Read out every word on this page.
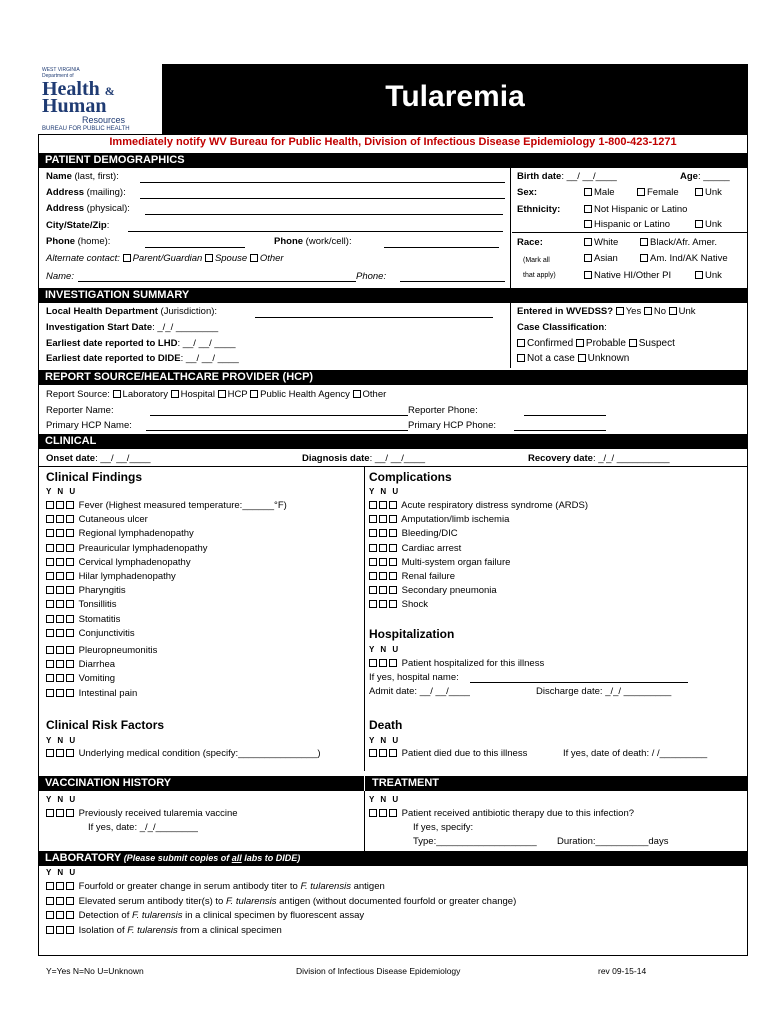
WEST VIRGINIA
Department of
Health &
Human
Resources
BUREAU FOR PUBLIC HEALTH
Tularemia
Immediately notify WV Bureau for Public Health, Division of Infectious Disease Epidemiology 1-800-423-1271
PATIENT DEMOGRAPHICS
Name (last, first):
Address (mailing):
Address (physical):
City/State/Zip:
Phone (home):	Phone (work/cell):
Alternate contact: Parent/Guardian Spouse Other
Name:	Phone:
Birth date: __/ __/____	Age: _____
Sex:	Male	Female	Unk
Ethnicity:	Not Hispanic or Latino
Hispanic or Latino	Unk
Race:
(Mark all
that apply)
White	Black/Afr. Amer.
Asian	Am. Ind/AK Native
Native HI/Other PI	Unk
INVESTIGATION SUMMARY
Local Health Department (Jurisdiction):
Investigation Start Date: _/_/ ________
Earliest date reported to LHD: __/ __/ ____
Earliest date reported to DIDE: __/ __/ ____
Entered in WVEDSS? Yes No Unk
Case Classification:
Confirmed Probable Suspect
Not a case Unknown
REPORT SOURCE/HEALTHCARE PROVIDER (HCP)
Report Source: Laboratory Hospital HCP Public Health Agency Other
Reporter Name:	Reporter Phone:
Primary HCP Name:	Primary HCP Phone:
CLINICAL
Onset date: __/ __/____	Diagnosis date: __/ __/____	Recovery date: _/_/ __________
Clinical Findings
Y N U
Fever (Highest measured temperature:______°F)
Cutaneous ulcer
Regional lymphadenopathy
Preauricular lymphadenopathy
Cervical lymphadenopathy
Hilar lymphadenopathy
Pharyngitis
Tonsillitis
Stomatitis
Conjunctivitis
Pleuropneumonitis
Diarrhea
Vomiting
Intestinal pain
Complications
Y N U
Acute respiratory distress syndrome (ARDS)
Amputation/limb ischemia
Bleeding/DIC
Cardiac arrest
Multi-system organ failure
Renal failure
Secondary pneumonia
Shock
Hospitalization
Y N U
Patient hospitalized for this illness
If yes, hospital name:
Admit date: __/ __/____	Discharge date: _/_/ _________
Clinical Risk Factors
Y N U
Underlying medical condition (specify:_______________)
Death
Y N U
Patient died due to this illness	If yes, date of death: / /_________
VACCINATION HISTORY	TREATMENT
Y N U
Previously received tularemia vaccine
If yes, date: _/_/________
Y N U
Patient received antibiotic therapy due to this infection?
If yes, specify:
Type:___________________ Duration:__________days
LABORATORY (Please submit copies of all labs to DIDE)
Y N U
Fourfold or greater change in serum antibody titer to F. tularensis antigen
Elevated serum antibody titer(s) to F. tularensis antigen (without documented fourfold or greater change)
Detection of F. tularensis in a clinical specimen by fluorescent assay
Isolation of F. tularensis from a clinical specimen
Y=Yes N=No U=Unknown	Division of Infectious Disease Epidemiology	rev 09-15-14
